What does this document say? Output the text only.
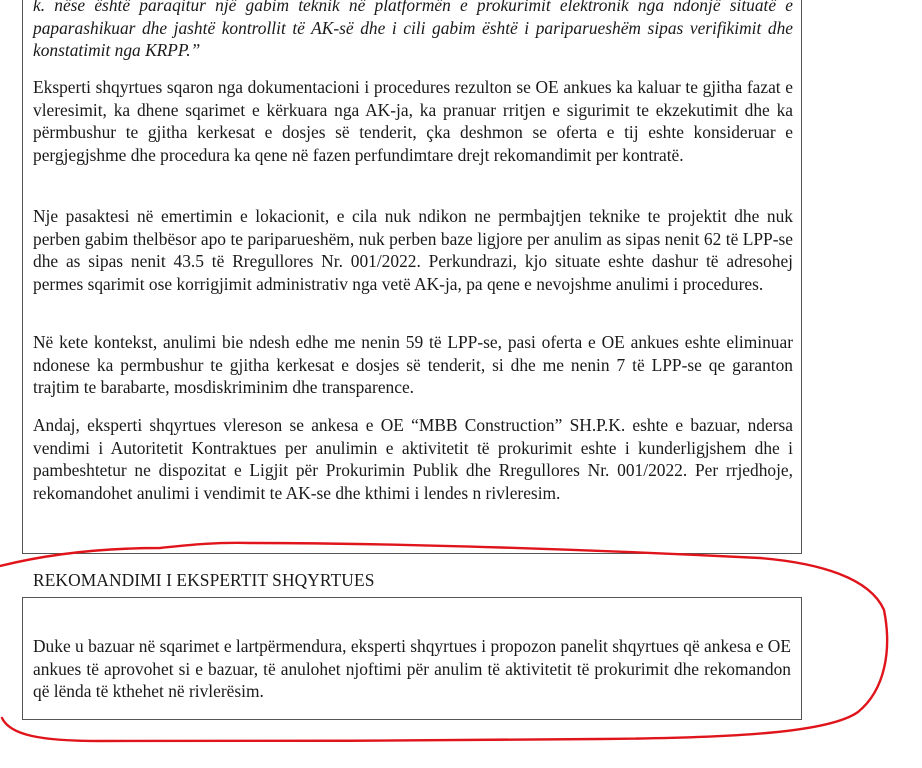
k. nëse është paraqitur një gabim teknik në platformën e prokurimit elektronik nga ndonjë situatë e paparashikuar dhe jashtë kontrollit të AK-së dhe i cili gabim është i pariparueshëm sipas verifikimit dhe konstatimit nga KRPP.”

Eksperti shqyrtues sqaron nga dokumentacioni i procedures rezulton se OE ankues ka kaluar te gjitha fazat e vleresimit, ka dhene sqarimet e kërkuara nga AK-ja, ka pranuar rritjen e sigurimit te ekzekutimit dhe ka përmbushur te gjitha kerkesat e dosjes së tenderit, çka deshmon se oferta e tij eshte konsideruar e pergjegjshme dhe procedura ka qene në fazen perfundimtare drejt rekomandimit per kontratë.

Nje pasaktesi në emertimin e lokacionit, e cila nuk ndikon ne permbajtjen teknike te projektit dhe nuk perben gabim thelbësor apo te pariparueshëm, nuk perben baze ligjore per anulim as sipas nenit 62 të LPP-se dhe as sipas nenit 43.5 të Rregullores Nr. 001/2022. Perkundrazi, kjo situate eshte dashur të adresohej permes sqarimit ose korrigjimit administrativ nga vetë AK-ja, pa qene e nevojshme anulimi i procedures.

Në kete kontekst, anulimi bie ndesh edhe me nenin 59 të LPP-se, pasi oferta e OE ankues eshte eliminuar ndonese ka permbushur te gjitha kerkesat e dosjes së tenderit, si dhe me nenin 7 të LPP-se qe garanton trajtim te barabarte, mosdiskriminim dhe transparence.

Andaj, eksperti shqyrtues vlereson se ankesa e OE “MBB Construction” SH.P.K. eshte e bazuar, ndersa vendimi i Autoritetit Kontraktues per anulimin e aktivitetit të prokurimit eshte i kunderligjshem dhe i pambeshtetur ne dispozitat e Ligjit për Prokurimin Publik dhe Rregullores Nr. 001/2022. Per rrjedhoje, rekomandohet anulimi i vendimit te AK-se dhe kthimi i lendes n rivleresim.

REKOMANDIMI I EKSPERTIT SHQYRTUES

Duke u bazuar në sqarimet e lartpërmendura, eksperti shqyrtues i propozon panelit shqyrtues që ankesa e OE ankues të aprovohet si e bazuar, të anulohet njoftimi për anulim të aktivitetit të prokurimit dhe rekomandon që lënda të kthehet në rivlerësim.
